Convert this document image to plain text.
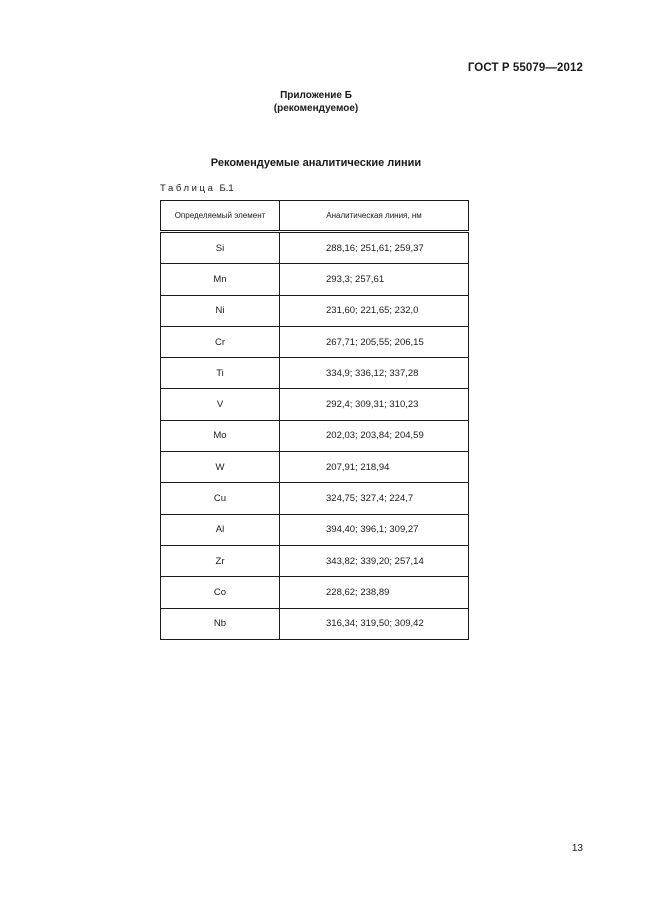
ГОСТ Р 55079—2012
Приложение Б
(рекомендуемое)
Рекомендуемые аналитические линии
Таблица Б.1
Определяемый элемент	Аналитическая линия, нм
Si	288,16; 251,61; 259,37
Mn	293,3; 257,61
Ni	231,60; 221,65; 232,0
Cr	267,71; 205,55; 206,15
Ti	334,9; 336,12; 337,28
V	292,4; 309,31; 310,23
Mo	202,03; 203,84; 204,59
W	207,91; 218,94
Cu	324,75; 327,4; 224,7
Al	394,40; 396,1; 309,27
Zr	343,82; 339,20; 257,14
Co	228,62; 238,89
Nb	316,34; 319,50; 309,42
13
